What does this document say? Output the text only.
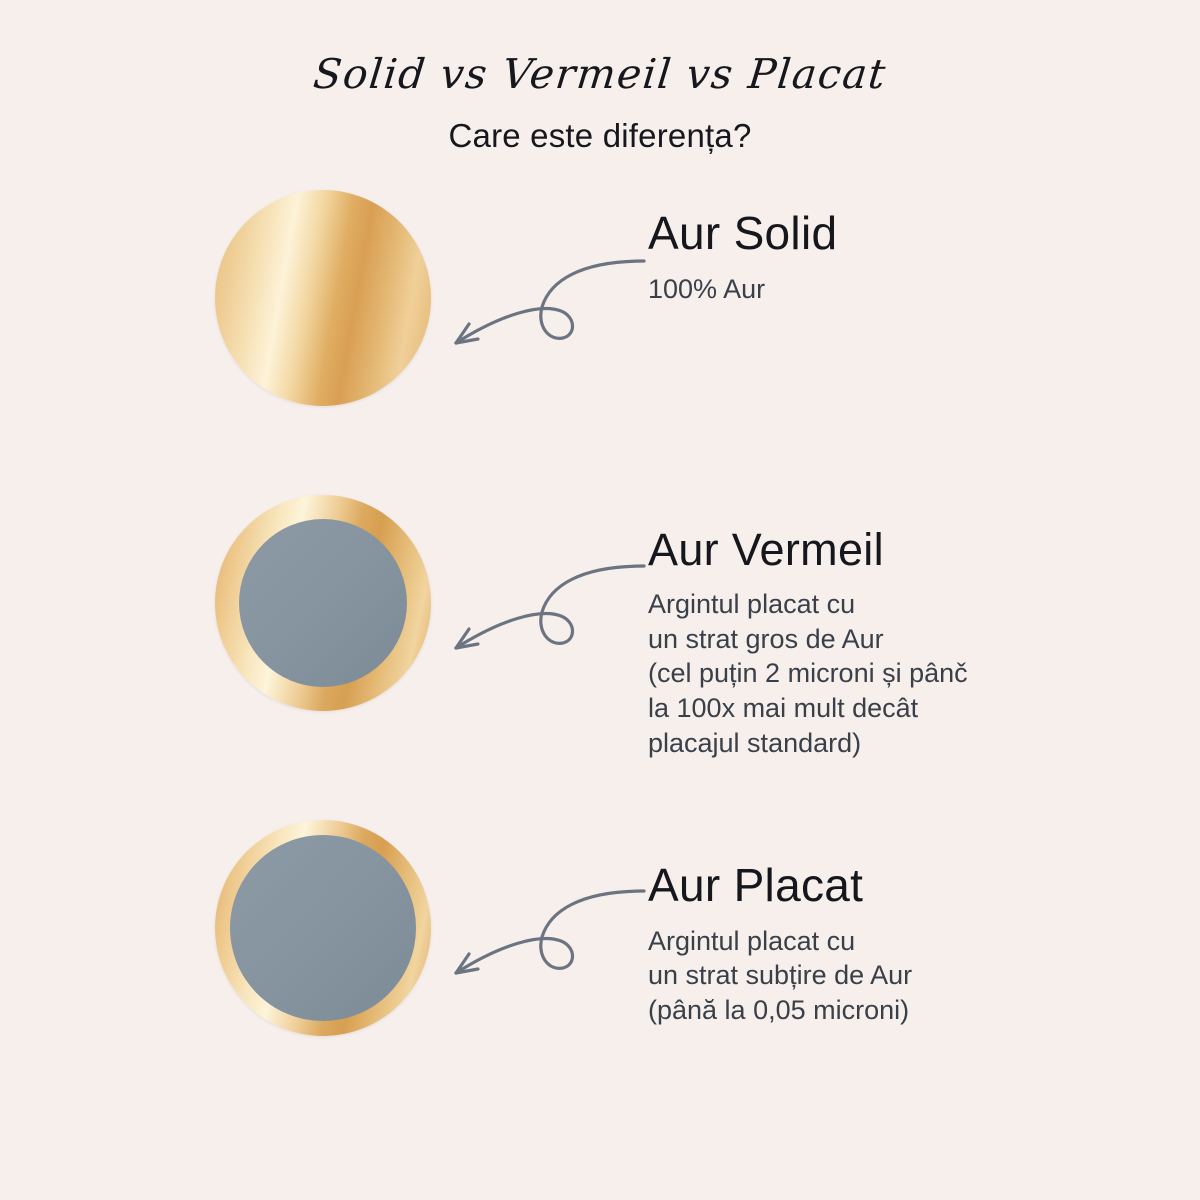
Solid vs Vermeil vs Placat
Care este diferența?
Aur Solid
100% Aur
Aur Vermeil
Argintul placat cu
un strat gros de Aur
(cel puțin 2 microni și pânč
la 100x mai mult decât
placajul standard)
Aur Placat
Argintul placat cu
un strat subțire de Aur
(până la 0,05 microni)
